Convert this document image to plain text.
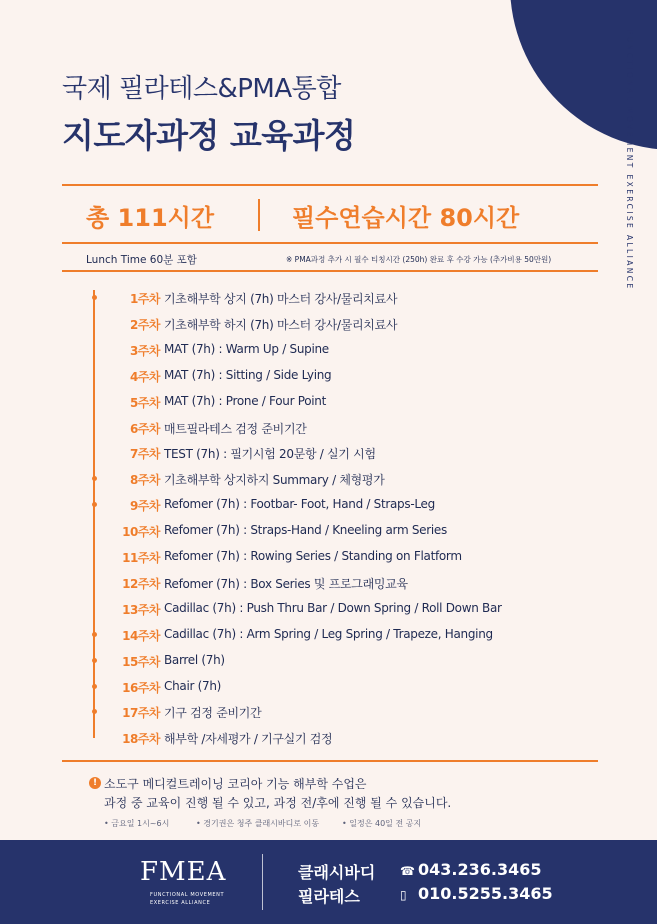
FUNCTIONAL MOVEMENT EXERCISE ALLIANCE
국제 필라테스&PMA통합
지도자과정 교육과정
총 111시간	필수연습시간 80시간
Lunch Time 60분 포함	※ PMA과정 추가 시 필수 티칭시간 (250h) 완료 후 수강 가능 (추가비용 50만원)
1주차 기초해부학 상지 (7h) 마스터 강사/물리치료사
2주차 기초해부학 하지 (7h) 마스터 강사/물리치료사
3주차 MAT (7h) : Warm Up / Supine
4주차 MAT (7h) : Sitting / Side Lying
5주차 MAT (7h) : Prone / Four Point
6주차 매트필라테스 검정 준비기간
7주차 TEST (7h) : 필기시험 20문항 / 실기 시험
8주차 기초해부학 상지하지 Summary / 체형평가
9주차 Refomer (7h) : Footbar- Foot, Hand / Straps-Leg
10주차 Refomer (7h) : Straps-Hand / Kneeling arm Series
11주차 Refomer (7h) : Rowing Series / Standing on Flatform
12주차 Refomer (7h) : Box Series 및 프로그래밍교육
13주차 Cadillac (7h) : Push Thru Bar / Down Spring / Roll Down Bar
14주차 Cadillac (7h) : Arm Spring / Leg Spring / Trapeze, Hanging
15주차 Barrel (7h)
16주차 Chair (7h)
17주차 기구 검정 준비기간
18주차 해부학 /자세평가 / 기구실기 검정
! 소도구 메디컬트레이닝 코리아 기능 해부학 수업은
과정 중 교육이 진행 될 수 있고, 과정 전/후에 진행 될 수 있습니다.
• 금요일 1시~6시	• 경기권은 청주 클래시바디로 이동	• 일정은 40일 전 공지
FMEA
FUNCTIONAL MOVEMENT
EXERCISE ALLIANCE
클래시바디
필라테스
☎ 043.236.3465
▯ 010.5255.3465
